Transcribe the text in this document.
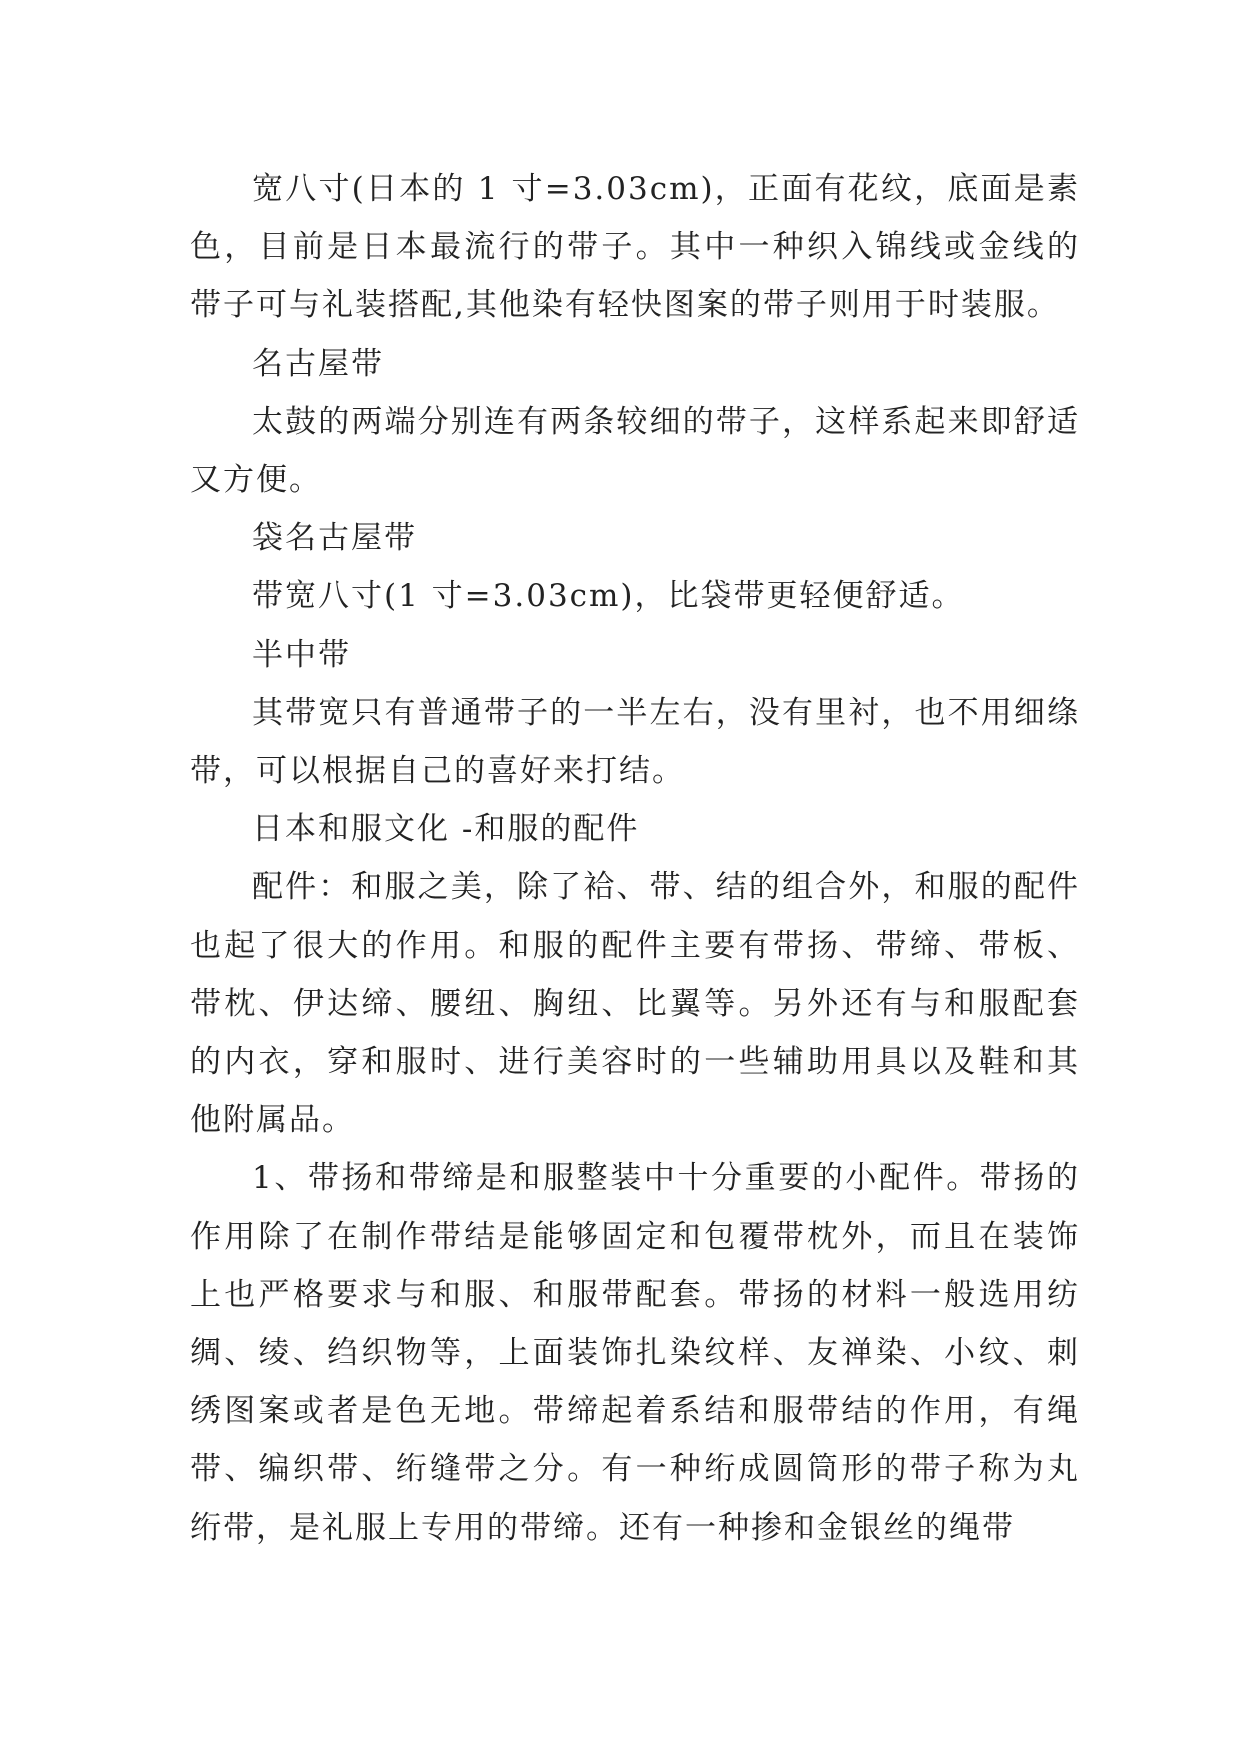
宽八寸(日本的 1 寸=3.03cm)，正面有花纹，底面是素色，目前是日本最流行的带子。其中一种织入锦线或金线的带子可与礼装搭配,其他染有轻快图案的带子则用于时装服。

名古屋带

太鼓的两端分别连有两条较细的带子，这样系起来即舒适又方便。

袋名古屋带

带宽八寸(1 寸=3.03cm)，比袋带更轻便舒适。

半中带

其带宽只有普通带子的一半左右，没有里衬，也不用细绦带，可以根据自己的喜好来打结。

日本和服文化 -和服的配件

配件：和服之美，除了袷、带、结的组合外，和服的配件也起了很大的作用。和服的配件主要有带扬、带缔、带板、带枕、伊达缔、腰纽、胸纽、比翼等。另外还有与和服配套的内衣，穿和服时、进行美容时的一些辅助用具以及鞋和其他附属品。

1、带扬和带缔是和服整装中十分重要的小配件。带扬的作用除了在制作带结是能够固定和包覆带枕外，而且在装饰上也严格要求与和服、和服带配套。带扬的材料一般选用纺绸、绫、绉织物等，上面装饰扎染纹样、友禅染、小纹、刺绣图案或者是色无地。带缔起着系结和服带结的作用，有绳带、编织带、绗缝带之分。有一种绗成圆筒形的带子称为丸绗带，是礼服上专用的带缔。还有一种掺和金银丝的绳带
